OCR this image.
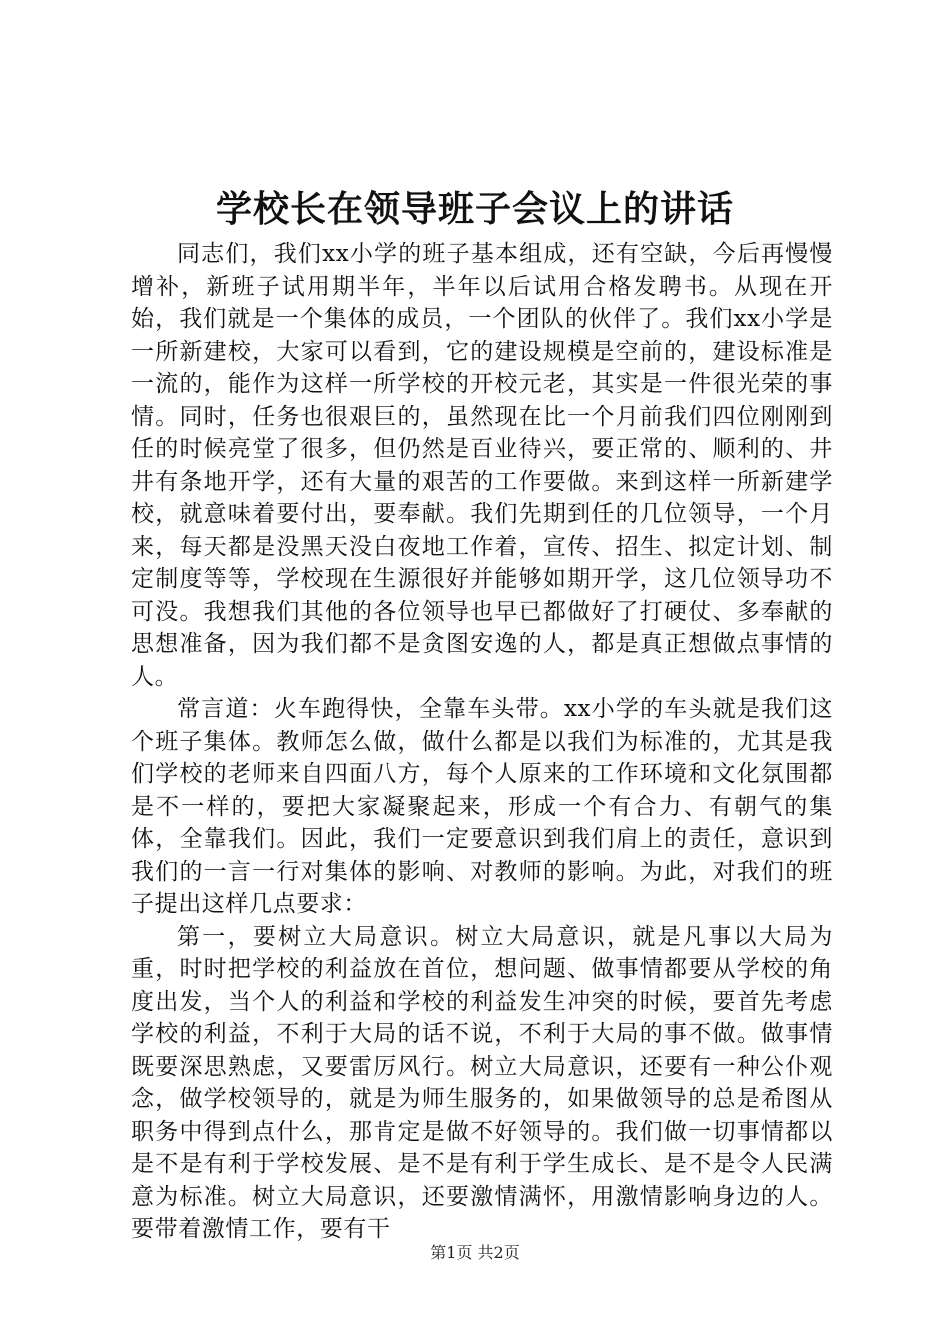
学校长在领导班子会议上的讲话

同志们，我们xx小学的班子基本组成，还有空缺，今后再慢慢增补，新班子试用期半年，半年以后试用合格发聘书。从现在开始，我们就是一个集体的成员，一个团队的伙伴了。我们xx小学是一所新建校，大家可以看到，它的建设规模是空前的，建设标准是一流的，能作为这样一所学校的开校元老，其实是一件很光荣的事情。同时，任务也很艰巨的，虽然现在比一个月前我们四位刚刚到任的时候亮堂了很多，但仍然是百业待兴，要正常的、顺利的、井井有条地开学，还有大量的艰苦的工作要做。来到这样一所新建学校，就意味着要付出，要奉献。我们先期到任的几位领导，一个月来，每天都是没黑天没白夜地工作着，宣传、招生、拟定计划、制定制度等等，学校现在生源很好并能够如期开学，这几位领导功不可没。我想我们其他的各位领导也早已都做好了打硬仗、多奉献的思想准备，因为我们都不是贪图安逸的人，都是真正想做点事情的人。

常言道：火车跑得快，全靠车头带。xx小学的车头就是我们这个班子集体。教师怎么做，做什么都是以我们为标准的，尤其是我们学校的老师来自四面八方，每个人原来的工作环境和文化氛围都是不一样的，要把大家凝聚起来，形成一个有合力、有朝气的集体，全靠我们。因此，我们一定要意识到我们肩上的责任，意识到我们的一言一行对集体的影响、对教师的影响。为此，对我们的班子提出这样几点要求：

第一，要树立大局意识。树立大局意识，就是凡事以大局为重，时时把学校的利益放在首位，想问题、做事情都要从学校的角度出发，当个人的利益和学校的利益发生冲突的时候，要首先考虑学校的利益，不利于大局的话不说，不利于大局的事不做。做事情既要深思熟虑，又要雷厉风行。树立大局意识，还要有一种公仆观念，做学校领导的，就是为师生服务的，如果做领导的总是希图从职务中得到点什么，那肯定是做不好领导的。我们做一切事情都以是不是有利于学校发展、是不是有利于学生成长、是不是令人民满意为标准。树立大局意识，还要激情满怀，用激情影响身边的人。要带着激情工作，要有干

第1页 共2页
